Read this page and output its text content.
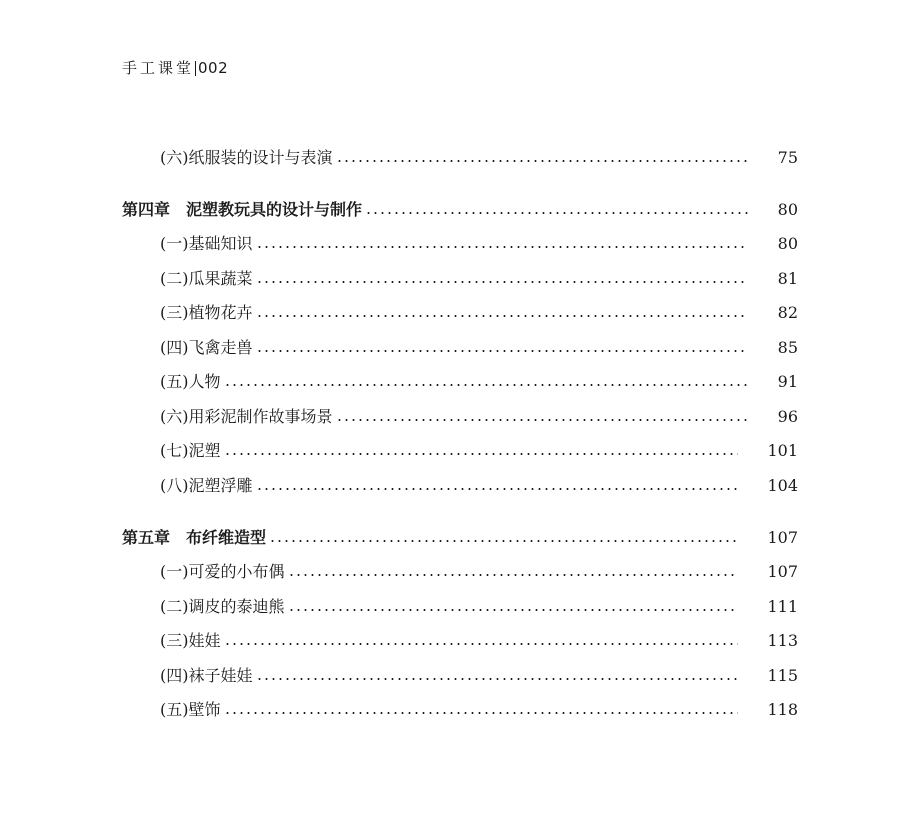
手工课堂 002
(六)纸服装的设计与表演	75
第四章　泥塑教玩具的设计与制作	80
(一)基础知识	80
(二)瓜果蔬菜	81
(三)植物花卉	82
(四)飞禽走兽	85
(五)人物	91
(六)用彩泥制作故事场景	96
(七)泥塑	101
(八)泥塑浮雕	104
第五章　布纤维造型	107
(一)可爱的小布偶	107
(二)调皮的泰迪熊	111
(三)娃娃	113
(四)袜子娃娃	115
(五)壁饰	118
